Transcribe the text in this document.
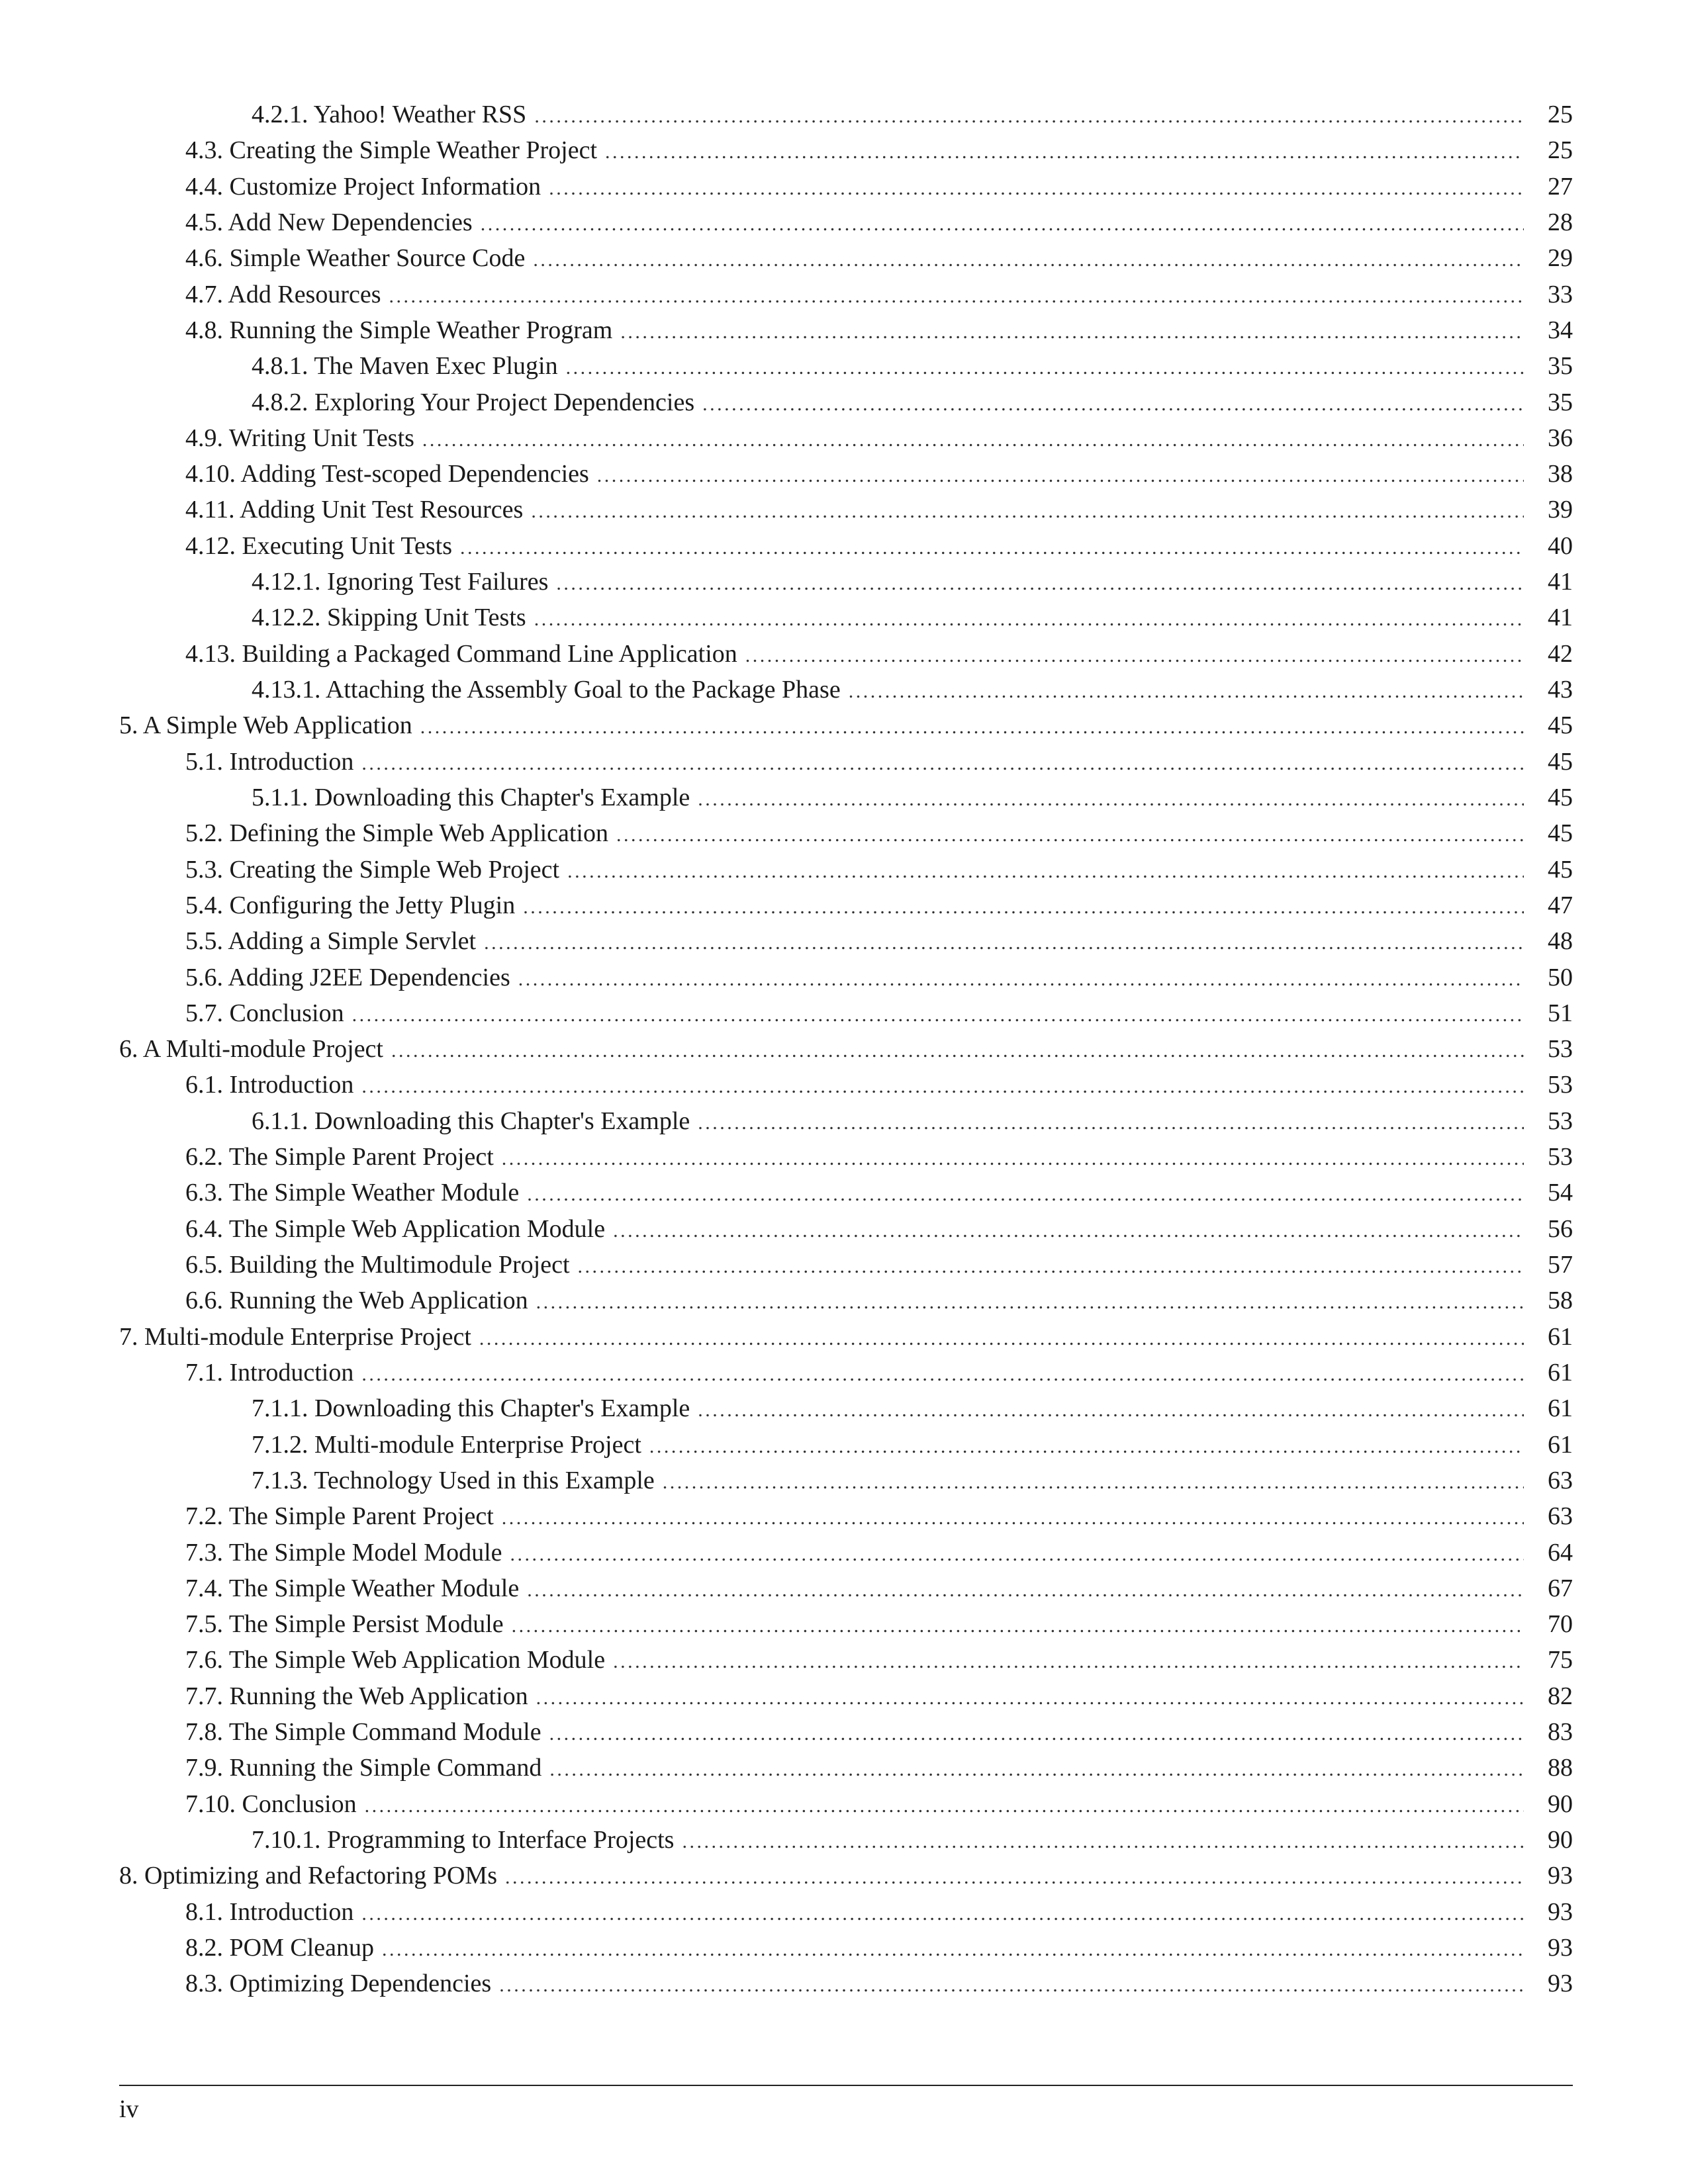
4.2.1. Yahoo! Weather RSS . . .	25
4.3. Creating the Simple Weather Project . . .	25
4.4. Customize Project Information . . .	27
4.5. Add New Dependencies . . .	28
4.6. Simple Weather Source Code . . .	29
4.7. Add Resources . . .	33
4.8. Running the Simple Weather Program . . .	34
4.8.1. The Maven Exec Plugin . . .	35
4.8.2. Exploring Your Project Dependencies . . .	35
4.9. Writing Unit Tests . . .	36
4.10. Adding Test-scoped Dependencies . . .	38
4.11. Adding Unit Test Resources . . .	39
4.12. Executing Unit Tests . . .	40
4.12.1. Ignoring Test Failures . . .	41
4.12.2. Skipping Unit Tests . . .	41
4.13. Building a Packaged Command Line Application . . .	42
4.13.1. Attaching the Assembly Goal to the Package Phase . . .	43
5. A Simple Web Application . . .	45
5.1. Introduction . . .	45
5.1.1. Downloading this Chapter's Example . . .	45
5.2. Defining the Simple Web Application . . .	45
5.3. Creating the Simple Web Project . . .	45
5.4. Configuring the Jetty Plugin . . .	47
5.5. Adding a Simple Servlet . . .	48
5.6. Adding J2EE Dependencies . . .	50
5.7. Conclusion . . .	51
6. A Multi-module Project . . .	53
6.1. Introduction . . .	53
6.1.1. Downloading this Chapter's Example . . .	53
6.2. The Simple Parent Project . . .	53
6.3. The Simple Weather Module . . .	54
6.4. The Simple Web Application Module . . .	56
6.5. Building the Multimodule Project . . .	57
6.6. Running the Web Application . . .	58
7. Multi-module Enterprise Project . . .	61
7.1. Introduction . . .	61
7.1.1. Downloading this Chapter's Example . . .	61
7.1.2. Multi-module Enterprise Project . . .	61
7.1.3. Technology Used in this Example . . .	63
7.2. The Simple Parent Project . . .	63
7.3. The Simple Model Module . . .	64
7.4. The Simple Weather Module . . .	67
7.5. The Simple Persist Module . . .	70
7.6. The Simple Web Application Module . . .	75
7.7. Running the Web Application . . .	82
7.8. The Simple Command Module . . .	83
7.9. Running the Simple Command . . .	88
7.10. Conclusion . . .	90
7.10.1. Programming to Interface Projects . . .	90
8. Optimizing and Refactoring POMs . . .	93
8.1. Introduction . . .	93
8.2. POM Cleanup . . .	93
8.3. Optimizing Dependencies . . .	93
iv
